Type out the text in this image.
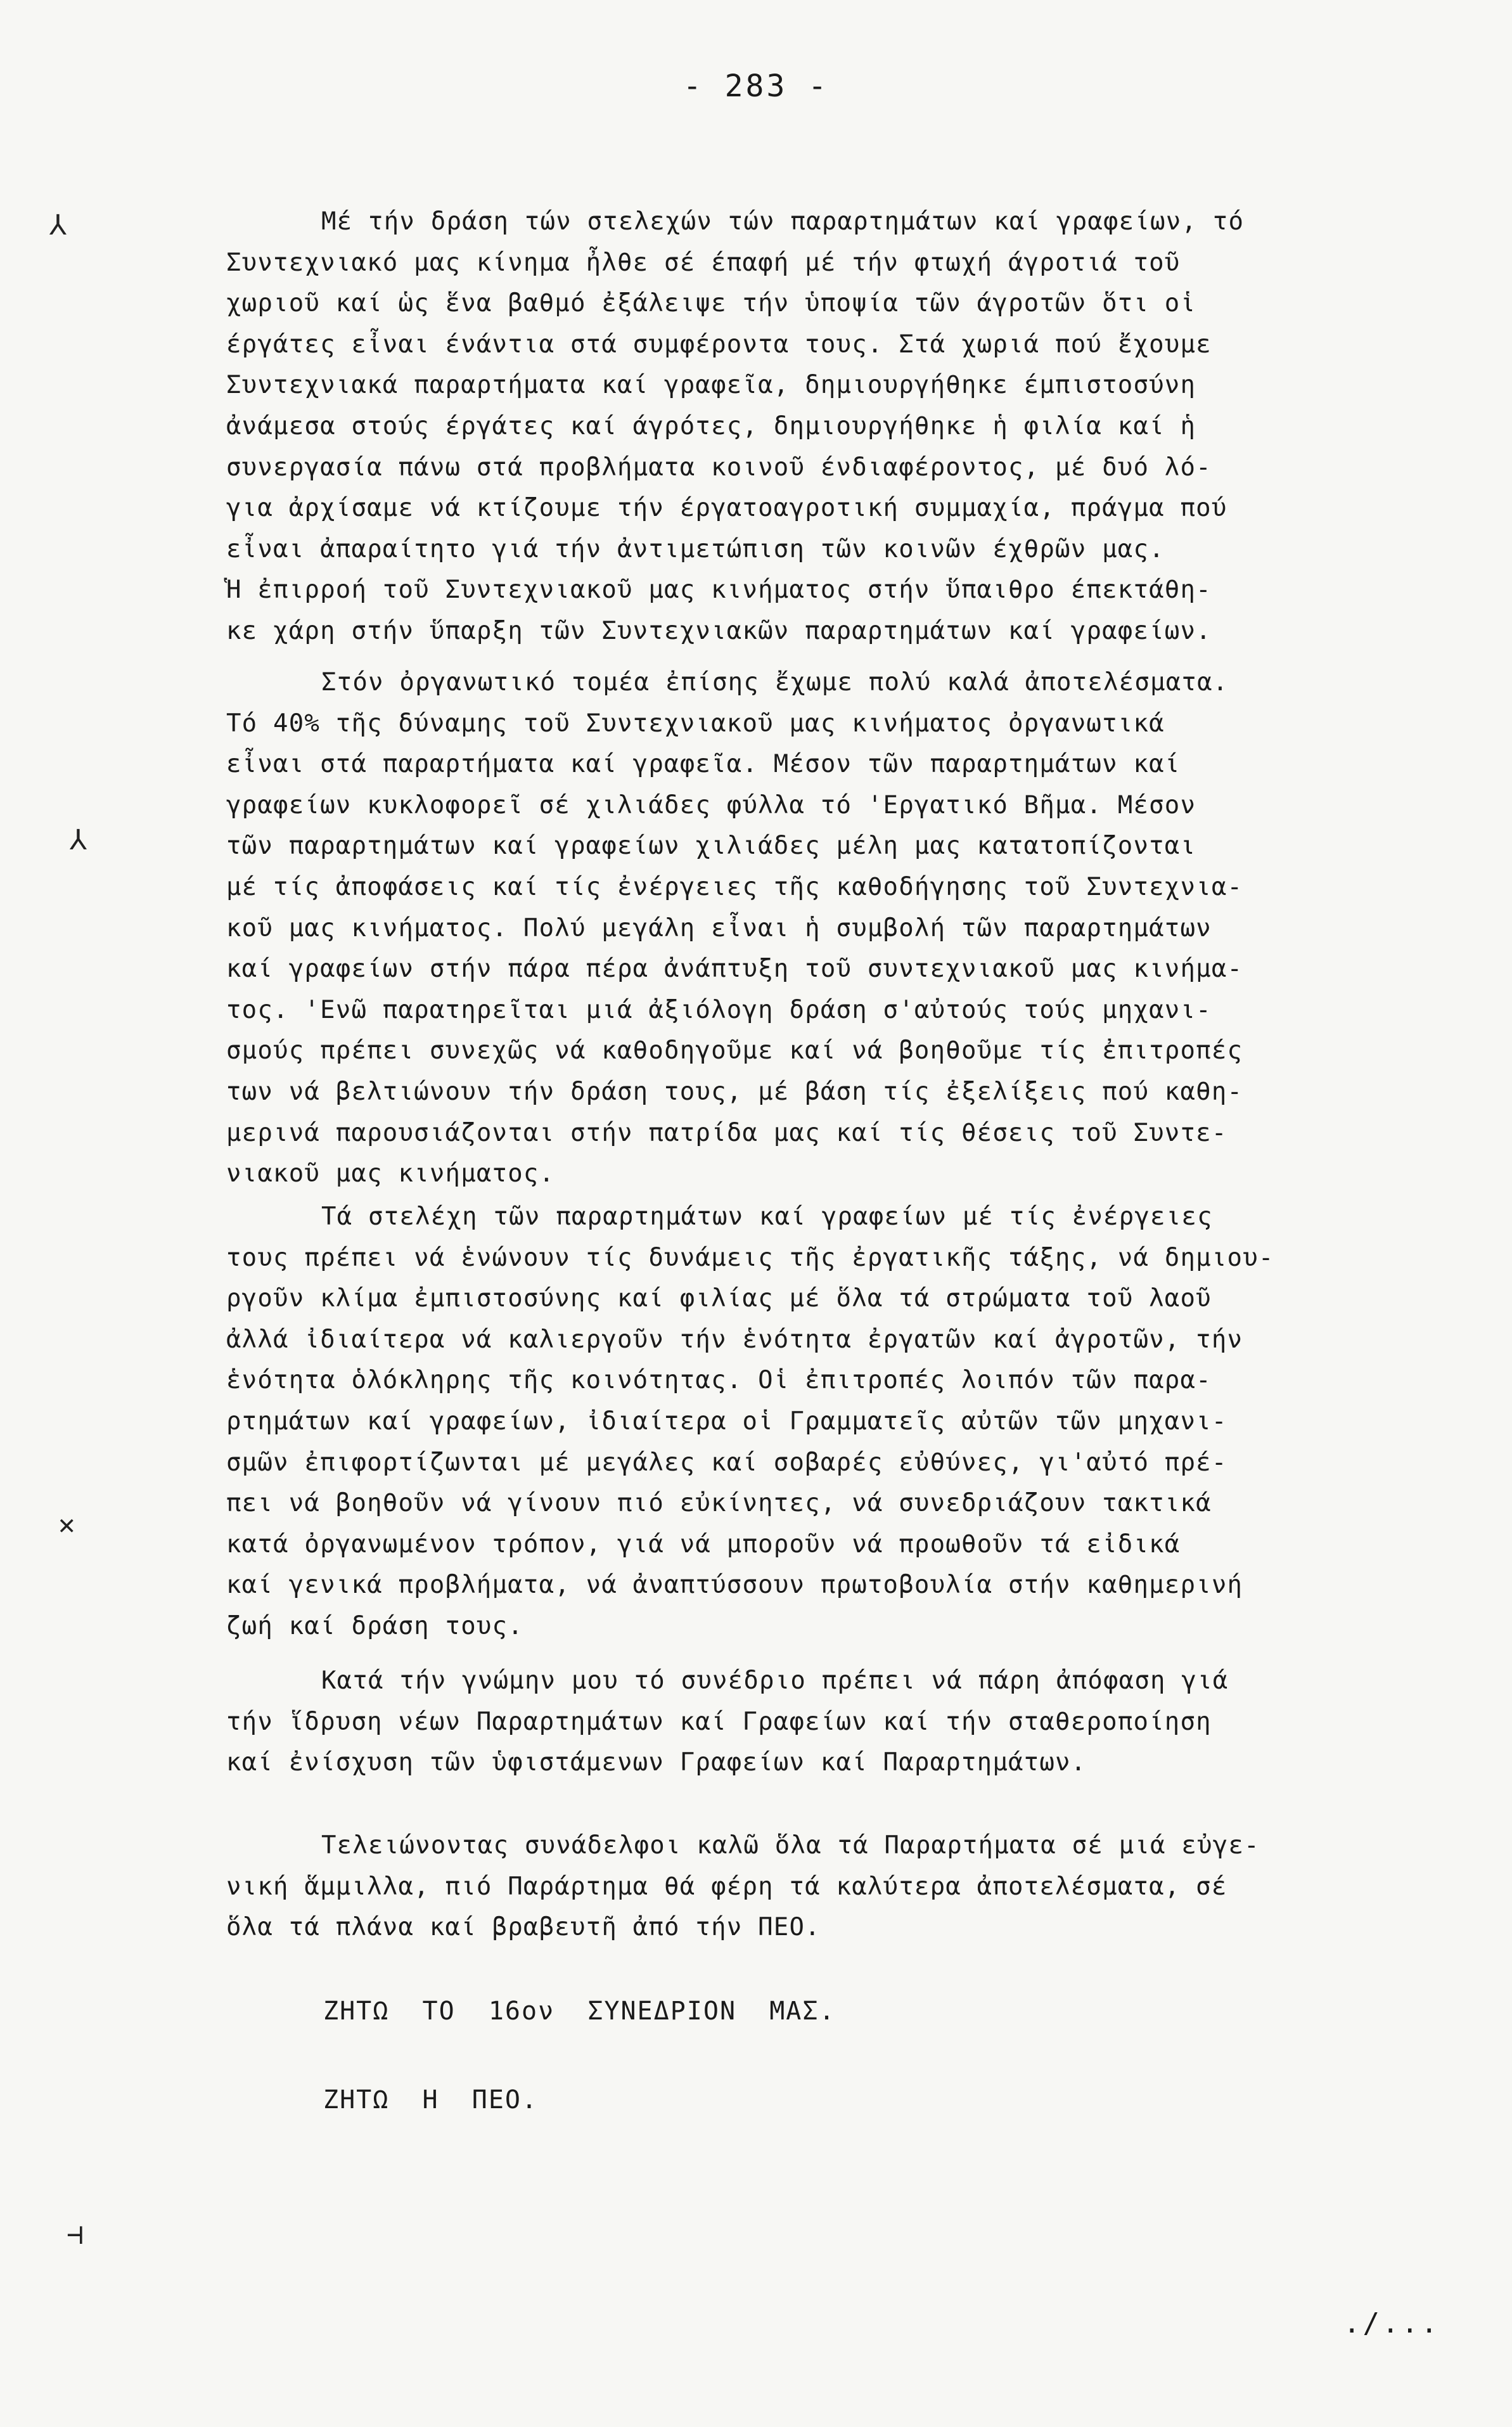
- 283 -
⅄
⅄
✕
⊣
Μέ τήν δράση τών στελεχών τών παραρτημάτων καί γραφείων, τό
Συντεχνιακό μας κίνημα ἦλθε σέ έπαφή μέ τήν φτωχή άγροτιά τοῦ
χωριοῦ καί ὡς ἕνα βαθμό ἐξάλειψε τήν ὑποψία τῶν άγροτῶν ὅτι οἱ
έργάτες εἶναι ένάντια στά συμφέροντα τους. Στά χωριά πού ἔχουμε
Συντεχνιακά παραρτήματα καί γραφεῖα, δημιουργήθηκε έμπιστοσύνη
ἀνάμεσα στούς έργάτες καί άγρότες, δημιουργήθηκε ἡ φιλία καί ἡ
συνεργασία πάνω στά προβλήματα κοινοῦ ένδιαφέροντος, μέ δυό λό-
για ἀρχίσαμε νά κτίζουμε τήν έργατοαγροτική συμμαχία, πράγμα πού
εἶναι ἀπαραίτητο γιά τήν ἀντιμετώπιση τῶν κοινῶν έχθρῶν μας.
Ἡ ἐπιρροή τοῦ Συντεχνιακοῦ μας κινήματος στήν ὕπαιθρο έπεκτάθη-
κε χάρη στήν ὕπαρξη τῶν Συντεχνιακῶν παραρτημάτων καί γραφείων.
Στόν ὀργανωτικό τομέα ἐπίσης ἔχωμε πολύ καλά ἀποτελέσματα.
Τό 40% τῆς δύναμης τοῦ Συντεχνιακοῦ μας κινήματος ὀργανωτικά
εἶναι στά παραρτήματα καί γραφεῖα. Μέσον τῶν παραρτημάτων καί
γραφείων κυκλοφορεῖ σέ χιλιάδες φύλλα τό 'Εργατικό Βῆμα. Μέσον
τῶν παραρτημάτων καί γραφείων χιλιάδες μέλη μας κατατοπίζονται
μέ τίς ἀποφάσεις καί τίς ἐνέργειες τῆς καθοδήγησης τοῦ Συντεχνια-
κοῦ μας κινήματος. Πολύ μεγάλη εἶναι ἡ συμβολή τῶν παραρτημάτων
καί γραφείων στήν πάρα πέρα ἀνάπτυξη τοῦ συντεχνιακοῦ μας κινήμα-
τος. 'Ενῶ παρατηρεῖται μιά ἀξιόλογη δράση σ'αὐτούς τούς μηχανι-
σμούς πρέπει συνεχῶς νά καθοδηγοῦμε καί νά βοηθοῦμε τίς ἐπιτροπές
των νά βελτιώνουν τήν δράση τους, μέ βάση τίς ἐξελίξεις πού καθη-
μερινά παρουσιάζονται στήν πατρίδα μας καί τίς θέσεις τοῦ Συντε-
νιακοῦ μας κινήματος.
Τά στελέχη τῶν παραρτημάτων καί γραφείων μέ τίς ἐνέργειες
τους πρέπει νά ἑνώνουν τίς δυνάμεις τῆς ἐργατικῆς τάξης, νά δημιου-
ργοῦν κλίμα ἐμπιστοσύνης καί φιλίας μέ ὅλα τά στρώματα τοῦ λαοῦ
ἀλλά ἰδιαίτερα νά καλιεργοῦν τήν ἑνότητα ἐργατῶν καί ἀγροτῶν, τήν
ἑνότητα ὁλόκληρης τῆς κοινότητας. Οἱ ἐπιτροπές λοιπόν τῶν παρα-
ρτημάτων καί γραφείων, ἰδιαίτερα οἱ Γραμματεῖς αὐτῶν τῶν μηχανι-
σμῶν ἐπιφορτίζωνται μέ μεγάλες καί σοβαρές εὐθύνες, γι'αὐτό πρέ-
πει νά βοηθοῦν νά γίνουν πιό εὐκίνητες, νά συνεδριάζουν τακτικά
κατά ὀργανωμένον τρόπον, γιά νά μποροῦν νά προωθοῦν τά εἰδικά
καί γενικά προβλήματα, νά ἀναπτύσσουν πρωτοβουλία στήν καθημερινή
ζωή καί δράση τους.
Κατά τήν γνώμην μου τό συνέδριο πρέπει νά πάρη ἀπόφαση γιά
τήν ἵδρυση νέων Παραρτημάτων καί Γραφείων καί τήν σταθεροποίηση
καί ἐνίσχυση τῶν ὑφιστάμενων Γραφείων καί Παραρτημάτων.
Τελειώνοντας συνάδελφοι καλῶ ὅλα τά Παραρτήματα σέ μιά εὐγε-
νική ἅμμιλλα, πιό Παράρτημα θά φέρη τά καλύτερα ἀποτελέσματα, σέ
ὅλα τά πλάνα καί βραβευτῆ ἀπό τήν ΠΕΟ.
ΖΗΤΩ  ΤΟ  16ον  ΣΥΝΕΔΡΙΟΝ  ΜΑΣ.
ΖΗΤΩ  Η  ΠΕΟ.
./...
